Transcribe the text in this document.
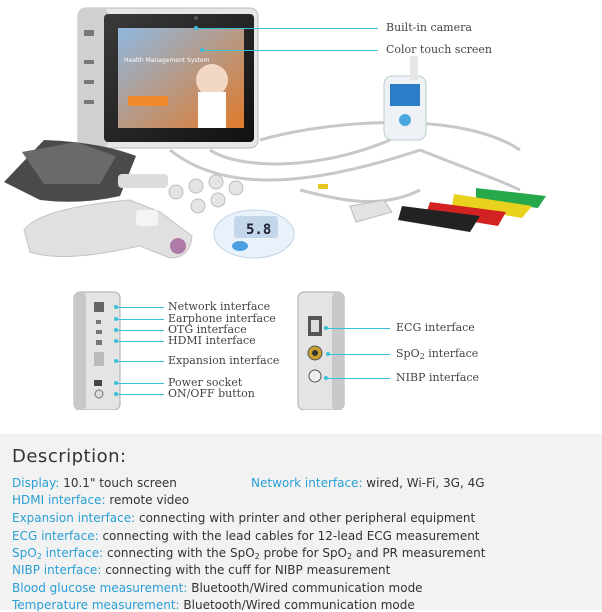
Health Management System
5.8
Built-in camera
Color touch screen
Network interface
Earphone interface
OTG interface
HDMI interface
Expansion interface
Power socket
ON/OFF button
ECG interface
SpO2 interface
NIBP interface
Description:
Display: 10.1" touch screen	Network interface: wired, Wi-Fi, 3G, 4G
HDMI interface: remote video
Expansion interface: connecting with printer and other peripheral equipment
ECG interface: connecting with the lead cables for 12-lead ECG measurement
SpO2 interface: connecting with the SpO2 probe for SpO2 and PR measurement
NIBP interface: connecting with the cuff for NIBP measurement
Blood glucose measurement: Bluetooth/Wired communication mode
Temperature measurement: Bluetooth/Wired communication mode
